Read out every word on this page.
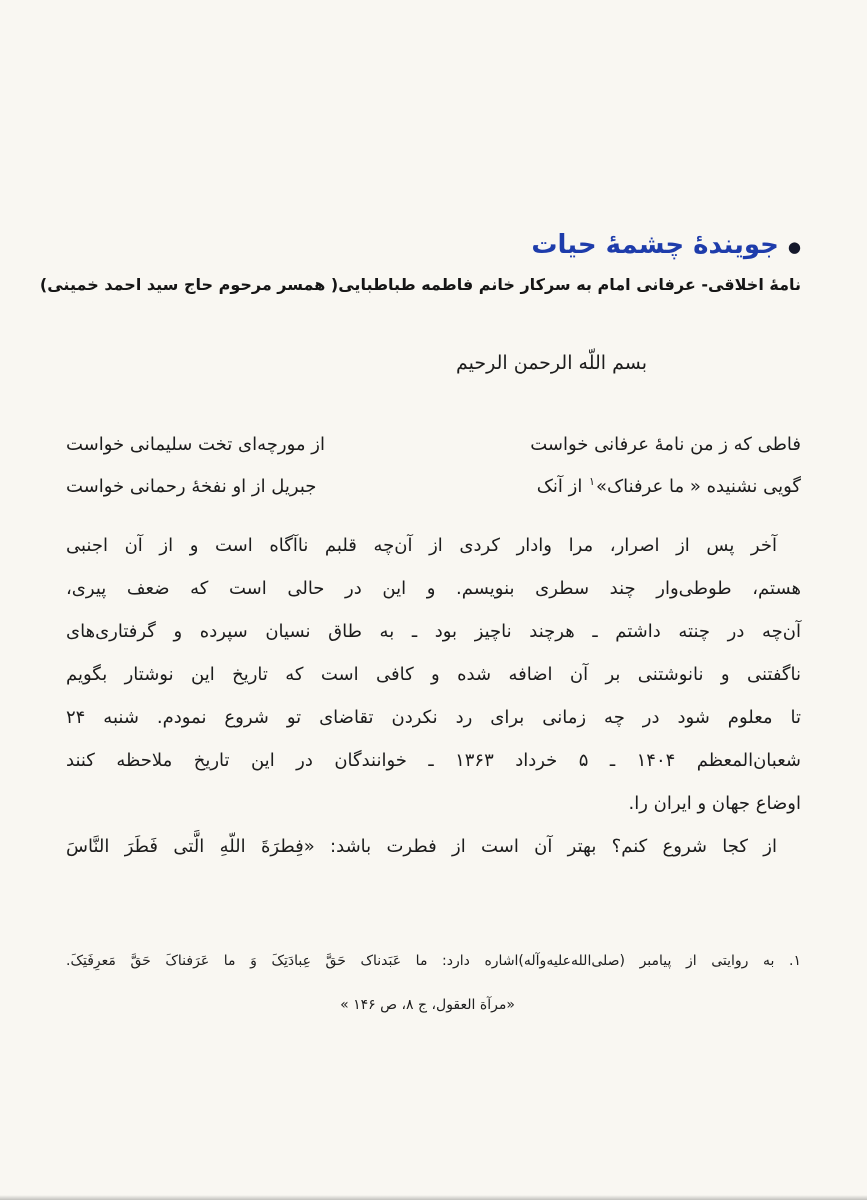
●
جویندهٔ چشمهٔ حیات
نامهٔ اخلاقی- عرفانی امام به سرکار خانم فاطمه طباطبایی( همسر مرحوم حاج سید احمد خمینی)
بسم اللّه الرحمن الرحیم
فاطی که ز من نامهٔ عرفانی خواست
از مورچه‌ای تخت سلیمانی خواست
گویی نشنیده « ما عرفناک»$^۱$ از آنک
جبریل از او نفخهٔ رحمانی خواست
آخر پس از اصرار، مرا وادار کردی از آن‌چه قلبم ناآگاه است و از آن اجنبی
هستم، طوطی‌وار چند سطری بنویسم. و این در حالی است که ضعف پیری،
آن‌چه در چنته داشتم ـ هرچند ناچیز بود ـ به طاق نسیان سپرده و گرفتاری‌های
ناگفتنی و نانوشتنی بر آن اضافه شده و کافی است که تاریخ این نوشتار بگویم
تا معلوم شود در چه زمانی برای رد نکردن تقاضای تو شروع نمودم. شنبه ۲۴
شعبان‌المعظم ۱۴۰۴ ـ ۵ خرداد ۱۳۶۳ ـ خوانندگان در این تاریخ ملاحظه کنند
اوضاع جهان و ایران را.
از کجا شروع کنم؟ بهتر آن است از فطرت باشد: «فِطرَةَ اللّهِ الَّتی فَطَرَ النَّاسَ
۱. به روایتی از پیامبر (صلی‌الله‌علیه‌وآله)اشاره دارد: ما عَبَدناک حَقَّ عِبادَتِکَ وَ ما عَرَفناکَ حَقَّ مَعرِفَتِکَ.
«مرآة العقول، ج ۸، ص ۱۴۶ »
